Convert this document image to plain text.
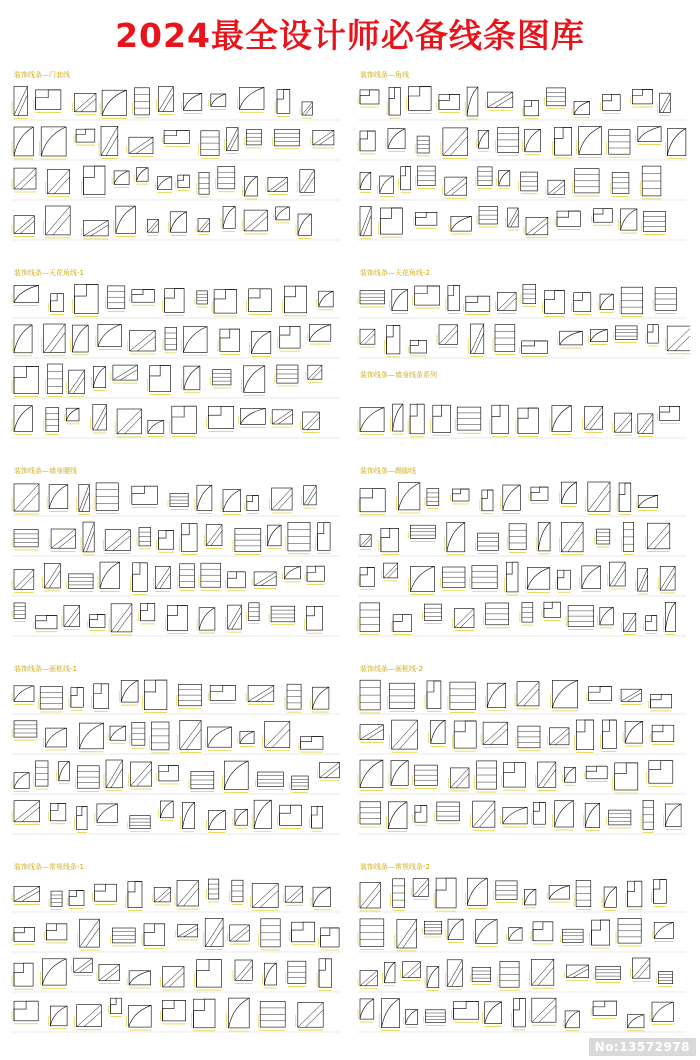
2024最全设计师必备线条图库
装饰线条—门套线	装饰线条—角线
装饰线条—天花角线-1	装饰线条—天花角线-2
装饰线条—墙身线条系列
装饰线条—墙身腰线	装饰线条—踢脚线
装饰线条—画框线-1	装饰线条—画框线-2
装饰线条—常规线条-1	装饰线条—常规线条-2
No:13572978
